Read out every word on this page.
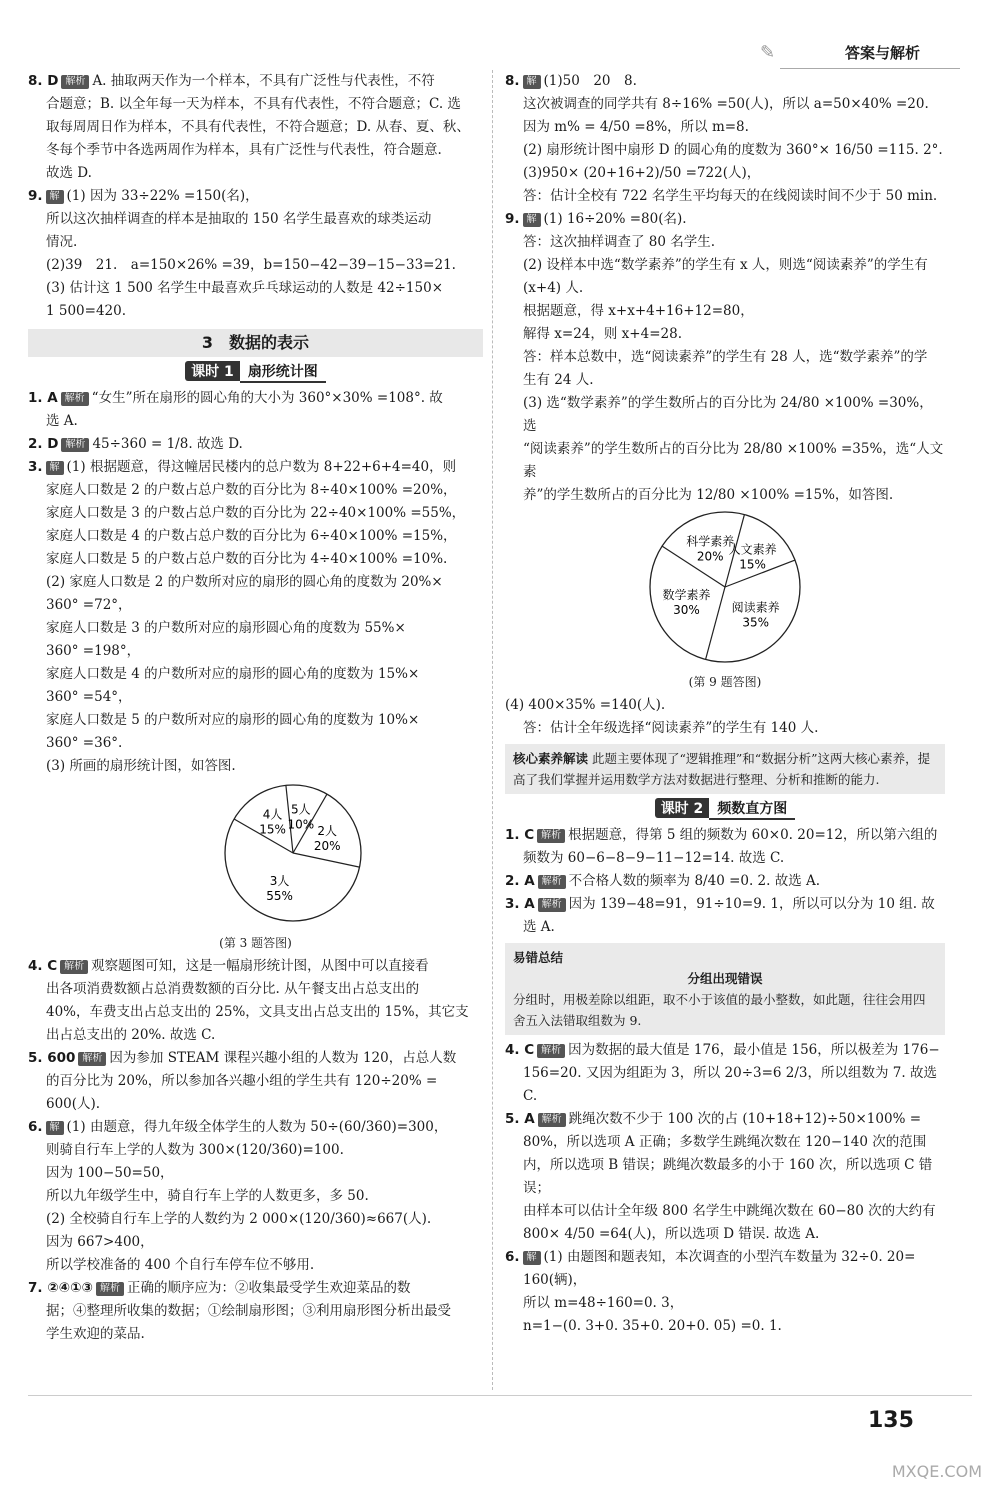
✎	答案与解析

8. D 解析 A. 抽取两天作为一个样本，不具有广泛性与代表性，不符

合题意；B. 以全年每一天为样本，不具有代表性，不符合题意；C. 选

取每周周日作为样本，不具有代表性，不符合题意；D. 从春、夏、秋、

冬每个季节中各选两周作为样本，具有广泛性与代表性，符合题意.

故选 D.

9. 解 (1) 因为 33÷22% =150(名)，

所以这次抽样调查的样本是抽取的 150 名学生最喜欢的球类运动

情况.

(2)39　21.　a=150×26% =39，b=150−42−39−15−33=21.

(3) 估计这 1 500 名学生中最喜欢乒乓球运动的人数是 42÷150×

1 500=420.

3　数据的表示
课时 1 扇形统计图

1. A 解析 “女生”所在扇形的圆心角的大小为 360°×30% =108°. 故

选 A.

2. D 解析 45÷360 = 1/8. 故选 D.

3. 解 (1) 根据题意，得这幢居民楼内的总户数为 8+22+6+4=40，则

家庭人口数是 2 的户数占总户数的百分比为 8÷40×100% =20%，

家庭人口数是 3 的户数占总户数的百分比为 22÷40×100% =55%，

家庭人口数是 4 的户数占总户数的百分比为 6÷40×100% =15%，

家庭人口数是 5 的户数占总户数的百分比为 4÷40×100% =10%.

(2) 家庭人口数是 2 的户数所对应的扇形的圆心角的度数为 20%×

360° =72°，

家庭人口数是 3 的户数所对应的扇形圆心角的度数为 55%×

360° =198°，

家庭人口数是 4 的户数所对应的扇形的圆心角的度数为 15%×

360° =54°，

家庭人口数是 5 的户数所对应的扇形的圆心角的度数为 10%×

360° =36°.

(3) 所画的扇形统计图，如答图.

2人
20%
3人
55%
4人
15%
5人
10%
(第 3 题答图)

4. C 解析 观察题图可知，这是一幅扇形统计图，从图中可以直接看

出各项消费数额占总消费数额的百分比. 从午餐支出占总支出的

40%，车费支出占总支出的 25%，文具支出占总支出的 15%，其它支

出占总支出的 20%. 故选 C.

5. 600 解析 因为参加 STEAM 课程兴趣小组的人数为 120，占总人数

的百分比为 20%，所以参加各兴趣小组的学生共有 120÷20% =

600(人).

6. 解 (1) 由题意，得九年级全体学生的人数为 50÷(60/360)=300，

则骑自行车上学的人数为 300×(120/360)=100.

因为 100−50=50，

所以九年级学生中，骑自行车上学的人数更多，多 50.

(2) 全校骑自行车上学的人数约为 2 000×(120/360)≈667(人).

因为 667>400，

所以学校准备的 400 个自行车停车位不够用.

7. ②④①③ 解析 正确的顺序应为：②收集最受学生欢迎菜品的数

据；④整理所收集的数据；①绘制扇形图；③利用扇形图分析出最受

学生欢迎的菜品.

8. 解 (1)50　20　8.

这次被调查的同学共有 8÷16% =50(人)，所以 a=50×40% =20.

因为 m% = 4/50 =8%，所以 m=8.

(2) 扇形统计图中扇形 D 的圆心角的度数为 360°× 16/50 =115. 2°.

(3)950× (20+16+2)/50 =722(人)，

答：估计全校有 722 名学生平均每天的在线阅读时间不少于 50 min.

9. 解 (1) 16÷20% =80(名).

答：这次抽样调查了 80 名学生.

(2) 设样本中选“数学素养”的学生有 x 人，则选“阅读素养”的学生有

(x+4) 人.

根据题意，得 x+x+4+16+12=80，

解得 x=24，则 x+4=28.

答：样本总数中，选“阅读素养”的学生有 28 人，选“数学素养”的学

生有 24 人.

(3) 选“数学素养”的学生数所占的百分比为 24/80 ×100% =30%，选

“阅读素养”的学生数所占的百分比为 28/80 ×100% =35%，选“人文素

养”的学生数所占的百分比为 12/80 ×100% =15%，如答图.

人文素养
15%
阅读素养
35%
数学素养
30%
科学素养
20%
(第 9 题答图)

(4) 400×35% =140(人).

答：估计全年级选择“阅读素养”的学生有 140 人.

核心素养解读 此题主要体现了“逻辑推理”和“数据分析”这两大核心素养，提高了我们掌握并运用数学方法对数据进行整理、分析和推断的能力.
课时 2 频数直方图

1. C 解析 根据题意，得第 5 组的频数为 60×0. 20=12，所以第六组的

频数为 60−6−8−9−11−12=14. 故选 C.

2. A 解析 不合格人数的频率为 8/40 =0. 2. 故选 A.

3. A 解析 因为 139−48=91，91÷10=9. 1，所以可以分为 10 组. 故

选 A.

易错总结
分组出现错误
分组时，用极差除以组距，取不小于该值的最小整数，如此题，往往会用四舍五入法错取组数为 9.

4. C 解析 因为数据的最大值是 176，最小值是 156，所以极差为 176−

156=20. 又因为组距为 3，所以 20÷3=6 2/3，所以组数为 7. 故选 C.

5. A 解析 跳绳次数不少于 100 次的占 (10+18+12)÷50×100% =

80%，所以选项 A 正确；多数学生跳绳次数在 120−140 次的范围

内，所以选项 B 错误；跳绳次数最多的小于 160 次，所以选项 C 错误；

由样本可以估计全年级 800 名学生中跳绳次数在 60−80 次的大约有

800× 4/50 =64(人)，所以选项 D 错误. 故选 A.

6. 解 (1) 由题图和题表知，本次调查的小型汽车数量为 32÷0. 20=

160(辆)，

所以 m=48÷160=0. 3，

n=1−(0. 3+0. 35+0. 20+0. 05) =0. 1.

135
MXQE.COM
